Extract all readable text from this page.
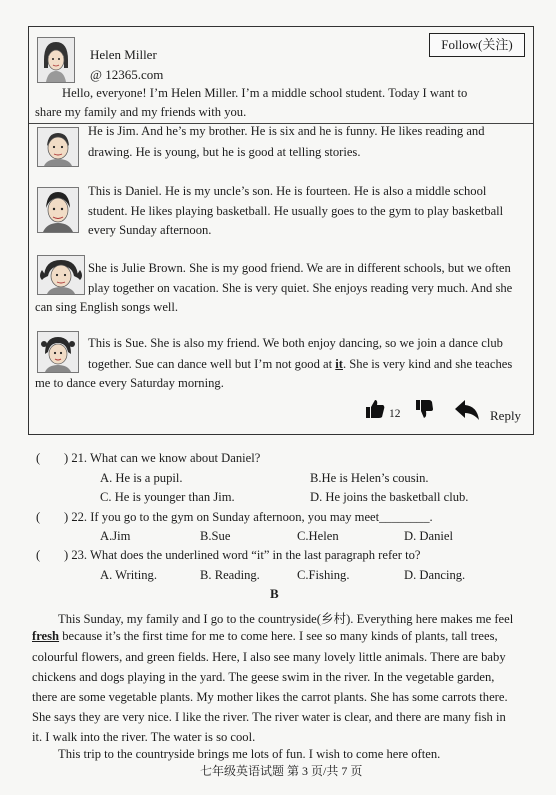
Helen Miller
@ 12365.com
Follow(关注)
Hello, everyone! I’m Helen Miller. I’m a middle school student. Today I want to
share my family and my friends with you.
He is Jim. And he’s my brother. He is six and he is funny. He likes reading and
drawing. He is young, but he is good at telling stories.
This is Daniel. He is my uncle’s son. He is fourteen. He is also a middle school
student. He likes playing basketball. He usually goes to the gym to play basketball
every Sunday afternoon.
She is Julie Brown. She is my good friend. We are in different schools, but we often
play together on vacation. She is very quiet. She enjoys reading very much. And she
can sing English songs well.
This is Sue. She is also my friend. We both enjoy dancing, so we join a dance club
together. Sue can dance well but I’m not good at it. She is very kind and she teaches
me to dance every Saturday morning.
12	Reply
( ) 21. What can we know about Daniel?
A. He is a pupil.	B.He is Helen’s cousin.
C. He is younger than Jim.	D. He joins the basketball club.
( ) 22. If you go to the gym on Sunday afternoon, you may meet________.
A.Jim	B.Sue	C.Helen	D. Daniel
( ) 23. What does the underlined word “it” in the last paragraph refer to?
A. Writing.	B. Reading.	C.Fishing.	D. Dancing.
B
This Sunday, my family and I go to the countryside(乡村). Everything here makes me feel
fresh because it’s the first time for me to come here. I see so many kinds of plants, tall trees,
colourful flowers, and green fields. Here, I also see many lovely little animals. There are baby
chickens and dogs playing in the yard. The geese swim in the river. In the vegetable garden,
there are some vegetable plants. My mother likes the carrot plants. She has some carrots there.
She says they are very nice. I like the river. The river water is clear, and there are many fish in
it. I walk into the river. The water is so cool.
This trip to the countryside brings me lots of fun. I wish to come here often.
七年级英语试题 第 3 页/共 7 页
